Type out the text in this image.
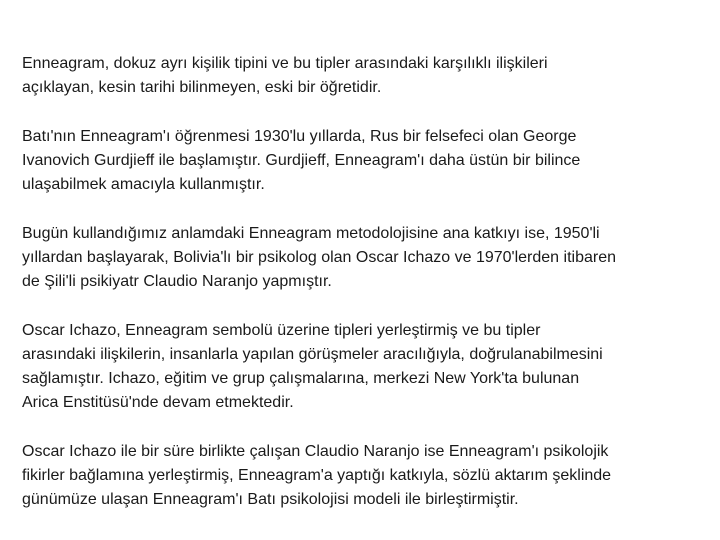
Enneagram, dokuz ayrı kişilik tipini ve bu tipler arasındaki karşılıklı ilişkileri
açıklayan, kesin tarihi bilinmeyen, eski bir öğretidir.

Batı'nın Enneagram'ı öğrenmesi 1930'lu yıllarda, Rus bir felsefeci olan George
Ivanovich Gurdjieff ile başlamıştır. Gurdjieff, Enneagram'ı daha üstün bir bilince
ulaşabilmek amacıyla kullanmıştır.

Bugün kullandığımız anlamdaki Enneagram metodolojisine ana katkıyı ise, 1950'li
yıllardan başlayarak, Bolivia'lı bir psikolog olan Oscar Ichazo ve 1970'lerden itibaren
de Şili'li psikiyatr Claudio Naranjo yapmıştır.

Oscar Ichazo, Enneagram sembolü üzerine tipleri yerleştirmiş ve bu tipler
arasındaki ilişkilerin, insanlarla yapılan görüşmeler aracılığıyla, doğrulanabilmesini
sağlamıştır. Ichazo, eğitim ve grup çalışmalarına, merkezi New York'ta bulunan
Arica Enstitüsü'nde devam etmektedir.

Oscar Ichazo ile bir süre birlikte çalışan Claudio Naranjo ise Enneagram'ı psikolojik
fikirler bağlamına yerleştirmiş, Enneagram'a yaptığı katkıyla, sözlü aktarım şeklinde
günümüze ulaşan Enneagram'ı Batı psikolojisi modeli ile birleştirmiştir.
